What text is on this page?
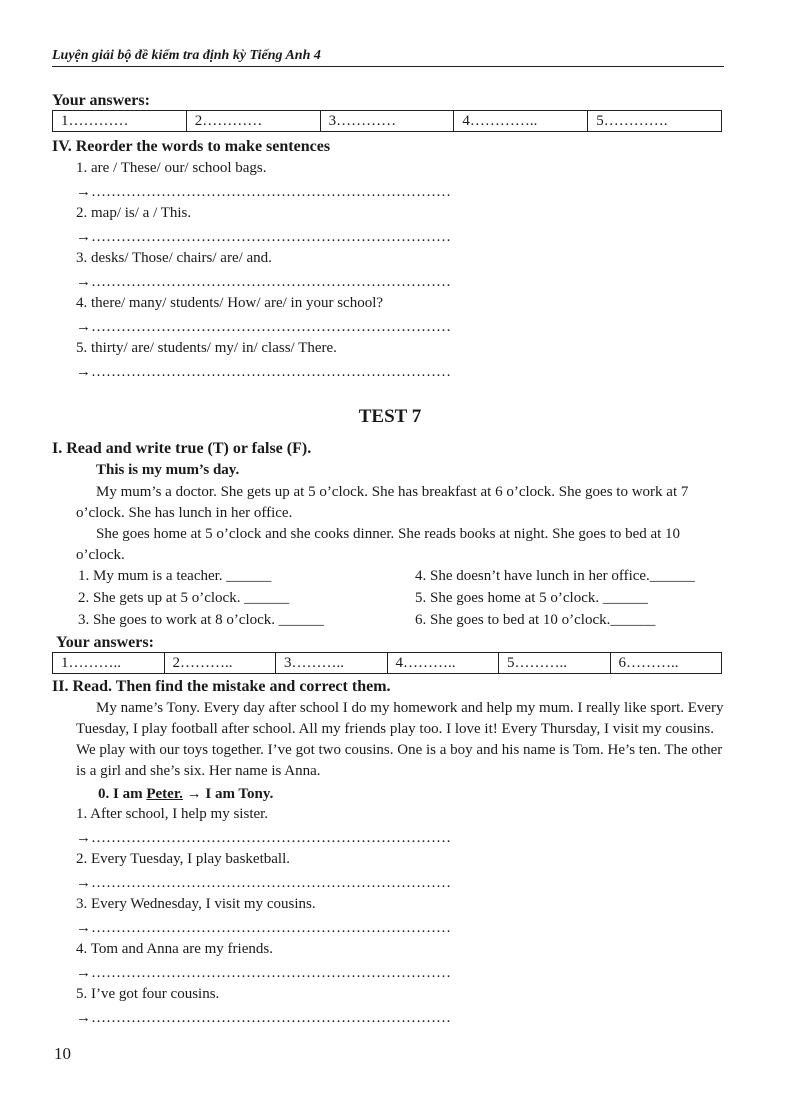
Luyện giải bộ đề kiểm tra định kỳ Tiếng Anh 4
Your answers:
1…………	2…………	3…………	4…………..	5………….
IV. Reorder the words to make sentences
1. are / These/ our/ school bags.
→………………………………………………………………
2. map/ is/ a / This.
→………………………………………………………………
3. desks/ Those/ chairs/ are/ and.
→………………………………………………………………
4. there/ many/ students/ How/ are/ in your school?
→………………………………………………………………
5. thirty/ are/ students/ my/ in/ class/ There.
→………………………………………………………………
TEST 7
I. Read and write true (T) or false (F).
This is my mum’s day.
My mum’s a doctor. She gets up at 5 o’clock. She has breakfast at 6 o’clock. She goes to work at 7 o’clock. She has lunch in her office.
She goes home at 5 o’clock and she cooks dinner. She reads books at night. She goes to bed at 10 o’clock.
1. My mum is a teacher. ______
2. She gets up at 5 o’clock. ______
3. She goes to work at 8 o’clock. ______
4. She doesn’t have lunch in her office.______
5. She goes home at 5 o’clock. ______
6. She goes to bed at 10 o’clock.______
Your answers:
1………..	2………..	3………..	4………..	5………..	6………..
II. Read. Then find the mistake and correct them.
My name’s Tony. Every day after school I do my homework and help my mum. I really like sport. Every Tuesday, I play football after school. All my friends play too. I love it! Every Thursday, I visit my cousins. We play with our toys together. I’ve got two cousins. One is a boy and his name is Tom. He’s ten. The other is a girl and she’s six. Her name is Anna.
0. I am Peter. → I am Tony.
1. After school, I help my sister.
→………………………………………………………………
2. Every Tuesday, I play basketball.
→………………………………………………………………
3. Every Wednesday, I visit my cousins.
→………………………………………………………………
4. Tom and Anna are my friends.
→………………………………………………………………
5. I’ve got four cousins.
→………………………………………………………………
10
